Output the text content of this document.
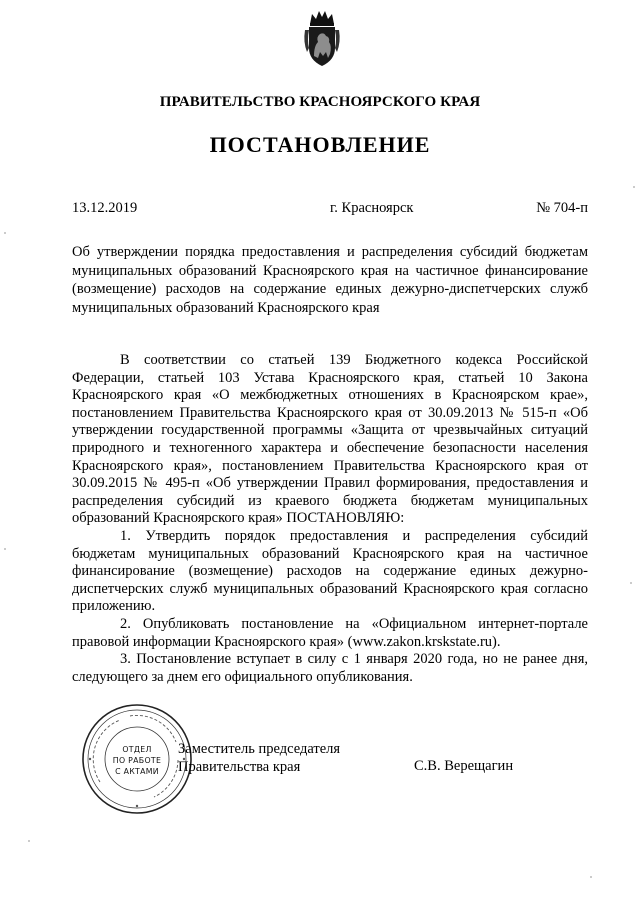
ПРАВИТЕЛЬСТВО КРАСНОЯРСКОГО КРАЯ
ПОСТАНОВЛЕНИЕ
13.12.2019	г. Красноярск	№ 704-п
Об утверждении порядка предоставления и распределения субсидий бюджетам муниципальных образований Красноярского края на частичное финансирование (возмещение) расходов на содержание единых дежурно-диспетчерских служб муниципальных образований Красноярского края

В соответствии со статьей 139 Бюджетного кодекса Российской Федерации, статьей 103 Устава Красноярского края, статьей 10 Закона Красноярского края «О межбюджетных отношениях в Красноярском крае», постановлением Правительства Красноярского края от 30.09.2013 № 515-п «Об утверждении государственной программы «Защита от чрезвычайных ситуаций природного и техногенного характера и обеспечение безопасности населения Красноярского края», постановлением Правительства Красноярского края от 30.09.2015 № 495-п «Об утверждении Правил формирования, предоставления и распределения субсидий из краевого бюджета бюджетам муниципальных образований Красноярского края» ПОСТАНОВЛЯЮ:

1. Утвердить порядок предоставления и распределения субсидий бюджетам муниципальных образований Красноярского края на частичное финансирование (возмещение) расходов на содержание единых дежурно-диспетчерских служб муниципальных образований Красноярского края согласно приложению.

2. Опубликовать постановление на «Официальном интернет-портале правовой информации Красноярского края» (www.zakon.krskstate.ru).

3. Постановление вступает в силу с 1 января 2020 года, но не ранее дня, следующего за днем его официального опубликования.

ОТДЕЛ
ПО РАБОТЕ
С АКТАМИ
Заместитель председателя
Правительства края	С.В. Верещагин
